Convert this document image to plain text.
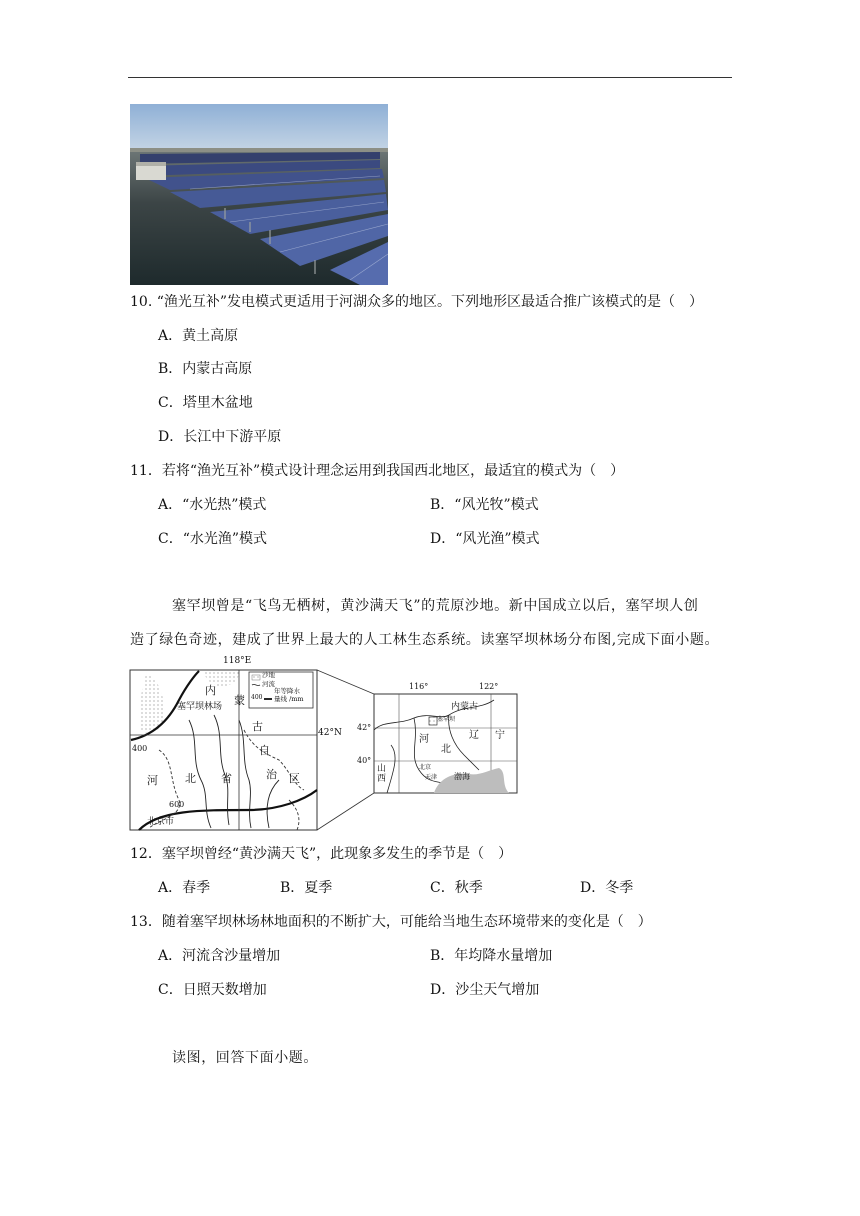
10. “渔光互补”发电模式更适用于河湖众多的地区。下列地形区最适合推广该模式的是（　）
A．黄土高原
B．内蒙古高原
C．塔里木盆地
D．长江中下游平原
11．若将“渔光互补”模式设计理念运用到我国西北地区，最适宜的模式为（　）
A．“水光热”模式	B．“风光牧”模式
C．“水光渔”模式	D．“风光渔”模式
塞罕坝曾是“飞鸟无栖树，黄沙满天飞”的荒原沙地。新中国成立以后，塞罕坝人创
造了绿色奇迹，建成了世界上最大的人工林生态系统。读塞罕坝林场分布图,完成下面小题。
118°E
42°N
沙地
河流
年等降水
量线 /mm
400
400
600
塞罕坝林场
北京市
内
蒙
古
自
治 区
河 北 省
116°	122°
42°
40°
内蒙古
塞罕坝
河
北
辽 宁
山
西
北京
天津 渤海
12．塞罕坝曾经“黄沙满天飞”，此现象多发生的季节是（　）
A．春季	B．夏季	C．秋季	D．冬季
13．随着塞罕坝林场林地面积的不断扩大，可能给当地生态环境带来的变化是（　）
A．河流含沙量增加	B．年均降水量增加
C．日照天数增加	D．沙尘天气增加
读图，回答下面小题。
